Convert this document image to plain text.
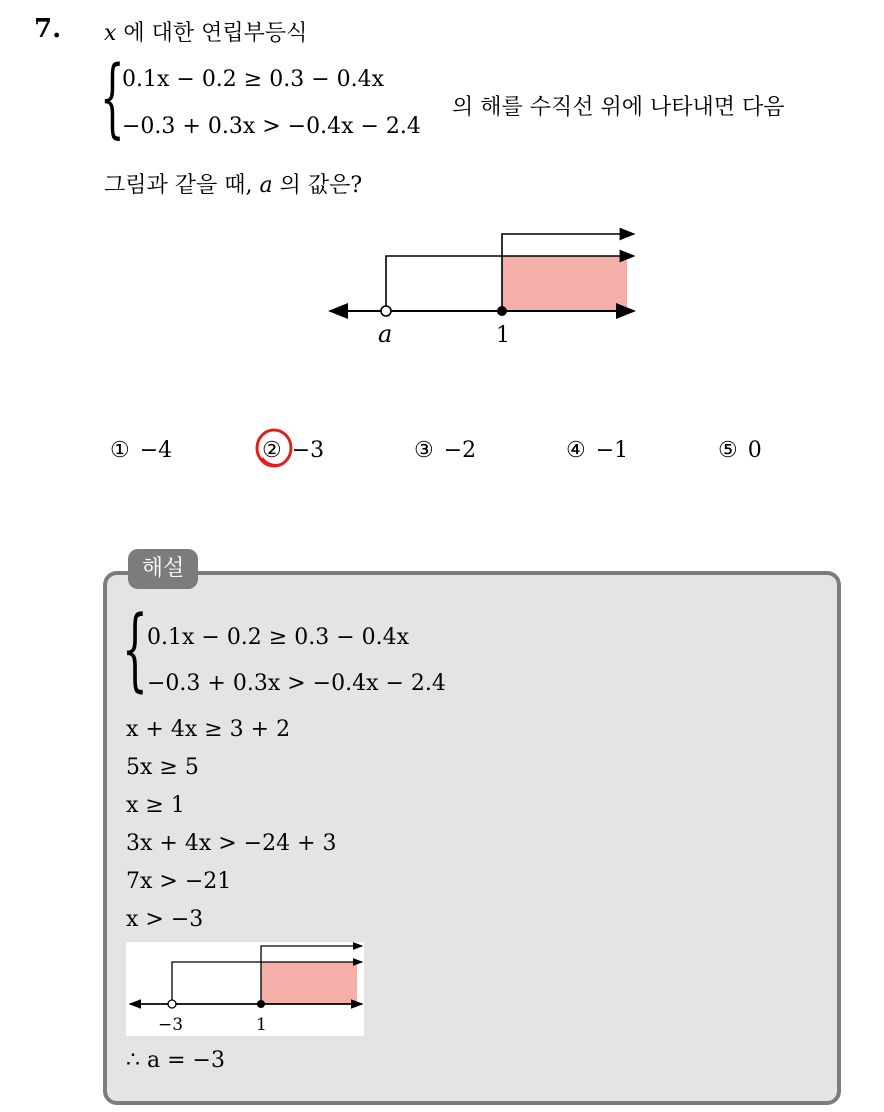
7. x 에 대한 연립부등식
{
0.1x − 0.2 ≥ 0.3 − 0.4x
−0.3 + 0.3x > −0.4x − 2.4
의 해를 수직선 위에 나타내면 다음
그림과 같을 때, a 의 값은?
a	1
① −4	② −3	③ −2	④ −1	⑤ 0
해설
{ 0.1x − 0.2 ≥ 0.3 − 0.4x
−0.3 + 0.3x > −0.4x − 2.4
x + 4x ≥ 3 + 2
5x ≥ 5
x ≥ 1
3x + 4x > −24 + 3
7x > −21
x > −3
−3	1
∴ a = −3
